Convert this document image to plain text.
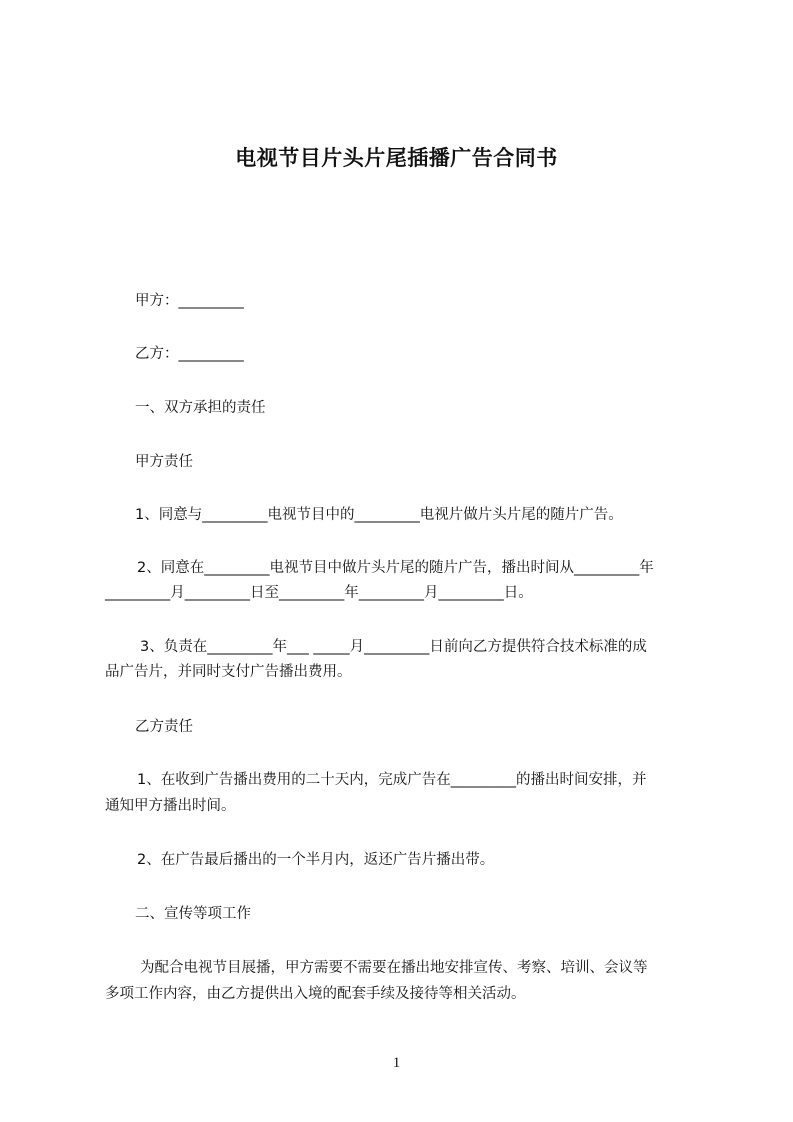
电视节目片头片尾插播广告合同书
甲方：_________
乙方：_________
一、双方承担的责任
甲方责任
1、同意与_________电视节目中的_________电视片做片头片尾的随片广告。
2、同意在_________电视节目中做片头片尾的随片广告，播出时间从_________年
_________月_________日至_________年_________月_________日。
3、负责在_________年___ _____月_________日前向乙方提供符合技术标准的成
品广告片，并同时支付广告播出费用。
乙方责任
1、在收到广告播出费用的二十天内，完成广告在_________的播出时间安排，并
通知甲方播出时间。
2、在广告最后播出的一个半月内，返还广告片播出带。
二、宣传等项工作
为配合电视节目展播，甲方需要不需要在播出地安排宣传、考察、培训、会议等
多项工作内容，由乙方提供出入境的配套手续及接待等相关活动。
1
